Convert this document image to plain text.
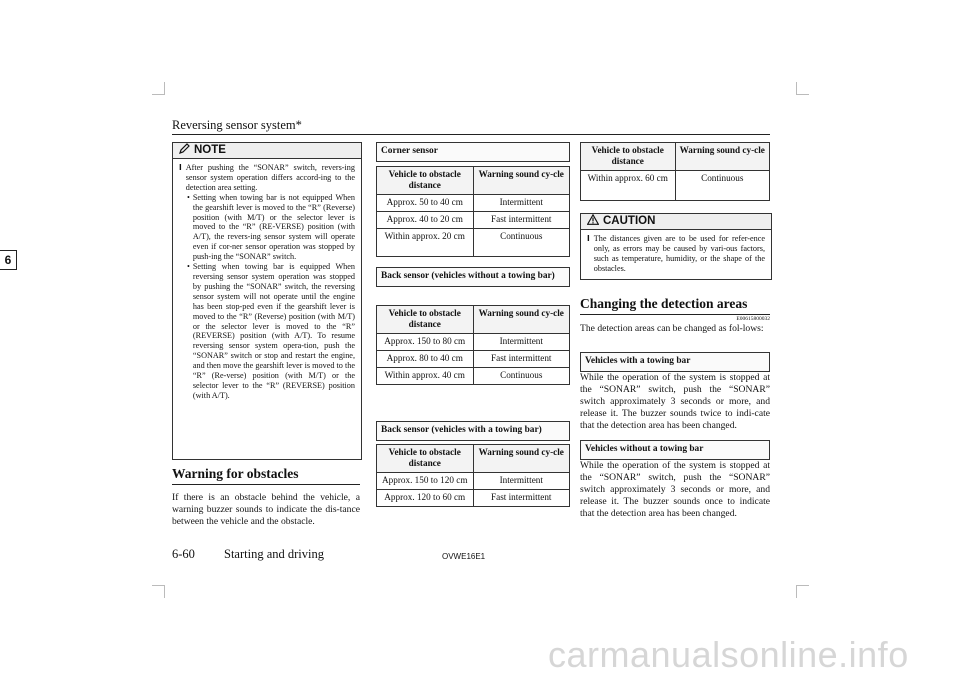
Reversing sensor system*
6
NOTE
l After pushing the “SONAR” switch, revers-ing sensor system operation differs accord-ing to the detection area setting.
• Setting when towing bar is not equipped When the gearshift lever is moved to the “R” (Reverse) position (with M/T) or the selector lever is moved to the “R” (RE-VERSE) position (with A/T), the revers-ing sensor system will operate even if cor-ner sensor operation was stopped by push-ing the “SONAR” switch.
• Setting when towing bar is equipped When reversing sensor system operation was stopped by pushing the “SONAR” switch, the reversing sensor system will not operate until the engine has been stop-ped even if the gearshift lever is moved to the “R” (Reverse) position (with M/T) or the selector lever is moved to the “R” (REVERSE) position (with A/T). To resume reversing sensor system opera-tion, push the “SONAR” switch or stop and restart the engine, and then move the gearshift lever is moved to the “R” (Re-verse) position (with M/T) or the selector lever to the “R” (REVERSE) position (with A/T).
Warning for obstacles
If there is an obstacle behind the vehicle, a warning buzzer sounds to indicate the dis-tance between the vehicle and the obstacle.
Corner sensor
Vehicle to obstacle distance	Warning sound cy-cle
Approx. 50 to 40 cm	Intermittent
Approx. 40 to 20 cm	Fast intermittent
Within approx. 20 cm	Continuous
Back sensor (vehicles without a towing bar)
Vehicle to obstacle distance	Warning sound cy-cle
Approx. 150 to 80 cm	Intermittent
Approx. 80 to 40 cm	Fast intermittent
Within approx. 40 cm	Continuous
Back sensor (vehicles with a towing bar)
Vehicle to obstacle distance	Warning sound cy-cle
Approx. 150 to 120 cm	Intermittent
Approx. 120 to 60 cm	Fast intermittent
Vehicle to obstacle distance	Warning sound cy-cle
Within approx. 60 cm	Continuous
CAUTION
l The distances given are to be used for refer-ence only, as errors may be caused by vari-ous factors, such as temperature, humidity, or the shape of the obstacles.
Changing the detection areas
E00615800032
The detection areas can be changed as fol-lows:
Vehicles with a towing bar
While the operation of the system is stopped at the “SONAR” switch, push the “SONAR” switch approximately 3 seconds or more, and release it. The buzzer sounds twice to indi-cate that the detection area has been changed.
Vehicles without a towing bar
While the operation of the system is stopped at the “SONAR” switch, push the “SONAR” switch approximately 3 seconds or more, and release it. The buzzer sounds once to indicate that the detection area has been changed.
6-60 Starting and driving	OVWE16E1
carmanualsonline.info
